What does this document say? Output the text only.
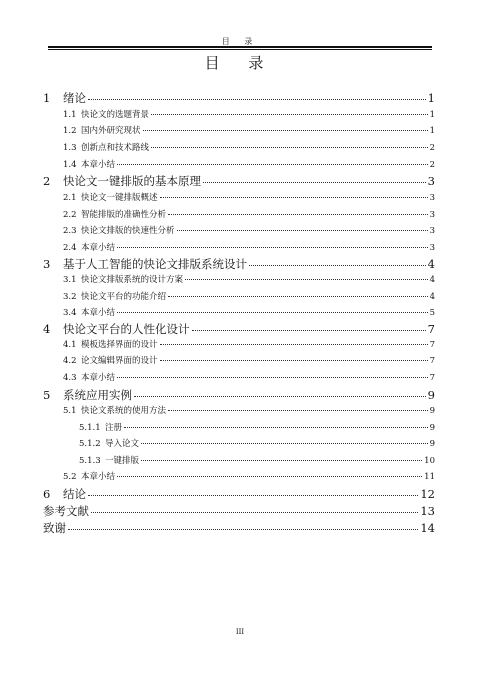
目 录
目 录
1	绪论	1
1.1 快论文的选题背景	1
1.2 国内外研究现状	1
1.3 创新点和技术路线	2
1.4 本章小结	2
2	快论文一键排版的基本原理	3
2.1 快论文一键排版概述	3
2.2 智能排版的准确性分析	3
2.3 快论文排版的快速性分析	3
2.4 本章小结	3
3	基于人工智能的快论文排版系统设计	4
3.1 快论文排版系统的设计方案	4
3.2 快论文平台的功能介绍	4
3.4 本章小结	5
4	快论文平台的人性化设计	7
4.1 模板选择界面的设计	7
4.2 论文编辑界面的设计	7
4.3 本章小结	7
5	系统应用实例	9
5.1 快论文系统的使用方法	9
5.1.1 注册	9
5.1.2 导入论文	9
5.1.3 一键排版	10
5.2 本章小结	11
6	结论	12
参考文献	13
致谢	14
III
